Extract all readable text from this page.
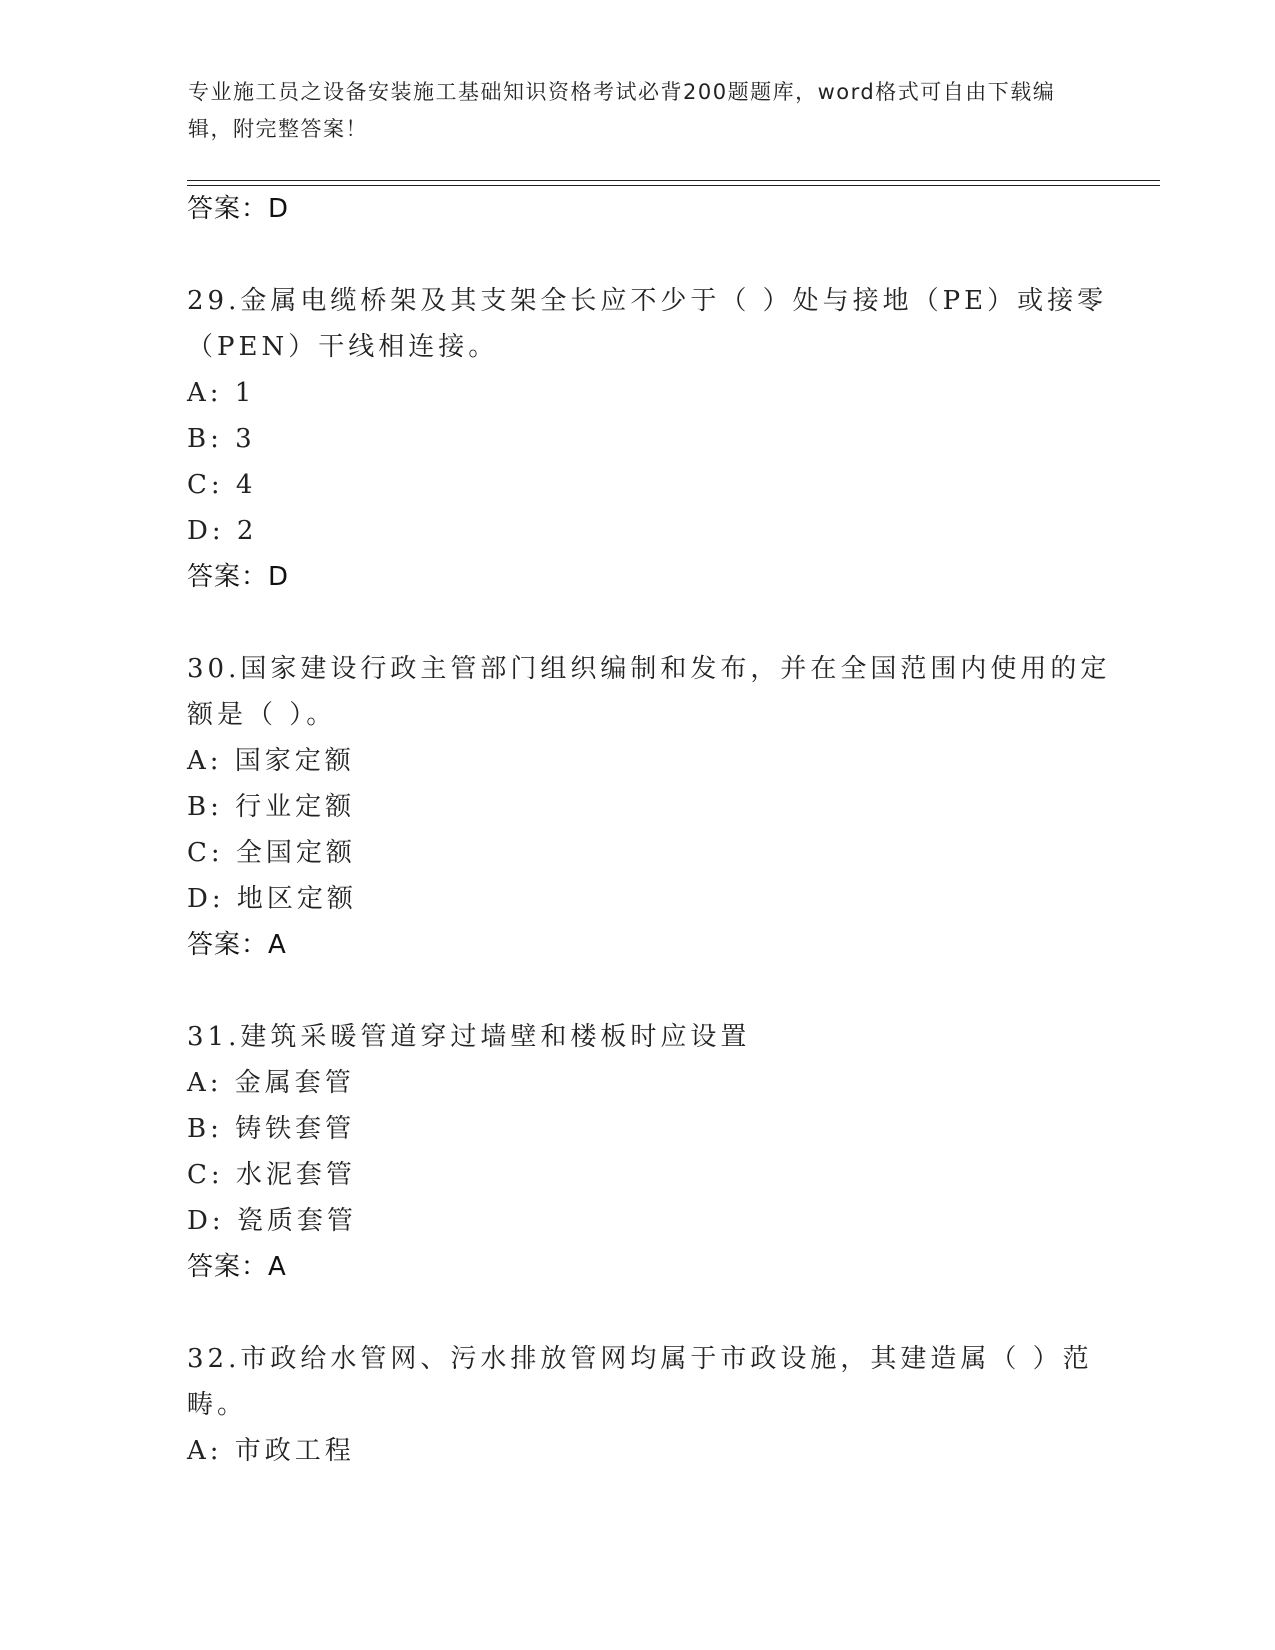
专业施工员之设备安装施工基础知识资格考试必背200题题库，word格式可自由下载编辑，附完整答案！
答案：D

29.金属电缆桥架及其支架全长应不少于（ ）处与接地（PE）或接零（PEN）干线相连接。

A: 1
B: 3
C: 4
D: 2
答案：D

30.国家建设行政主管部门组织编制和发布，并在全国范围内使用的定额是（ ）。

A: 国家定额
B: 行业定额
C: 全国定额
D: 地区定额
答案：A

31.建筑采暖管道穿过墙壁和楼板时应设置

A: 金属套管
B: 铸铁套管
C: 水泥套管
D: 瓷质套管
答案：A

32.市政给水管网、污水排放管网均属于市政设施，其建造属（ ）范畴。

A: 市政工程
